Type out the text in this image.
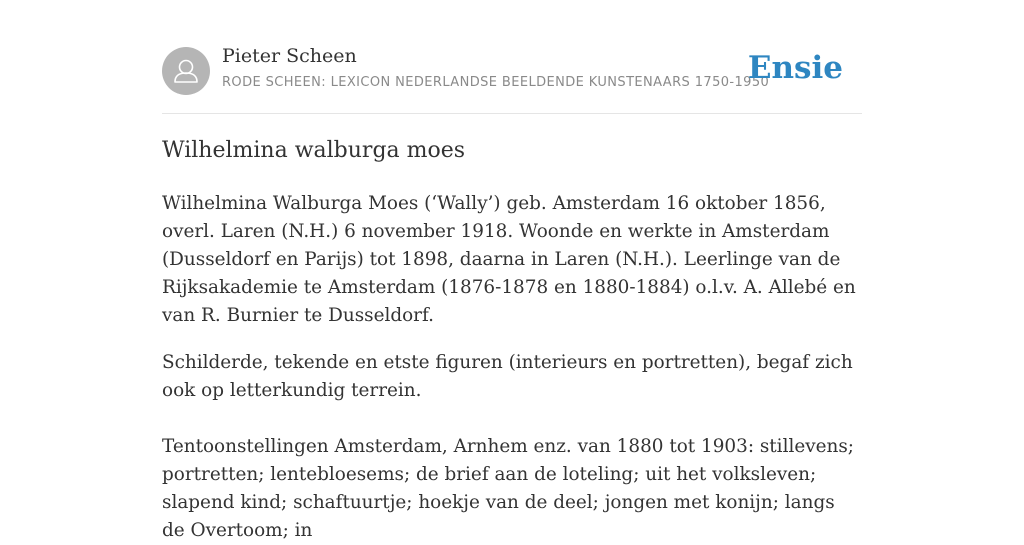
Pieter Scheen
RODE SCHEEN: LEXICON NEDERLANDSE BEELDENDE KUNSTENAARS 1750-1950
Ensie
Wilhelmina walburga moes

Wilhelmina Walburga Moes (‘Wally’) geb. Amsterdam 16 oktober 1856, overl. Laren (N.H.) 6 november 1918. Woonde en werkte in Amsterdam (Dusseldorf en Parijs) tot 1898, daarna in Laren (N.H.). Leerlinge van de Rijksakademie te Amsterdam (1876-1878 en 1880-1884) o.l.v. A. Allebé en van R. Burnier te Dusseldorf.

Schilderde, tekende en etste figuren (interieurs en portretten), begaf zich ook op letterkundig terrein.

Tentoonstellingen Amsterdam, Arnhem enz. van 1880 tot 1903: stillevens; portretten; lentebloesems; de brief aan de loteling; uit het volksleven; slapend kind; schaftuurtje; hoekje van de deel; jongen met konijn; langs de Overtoom; in
